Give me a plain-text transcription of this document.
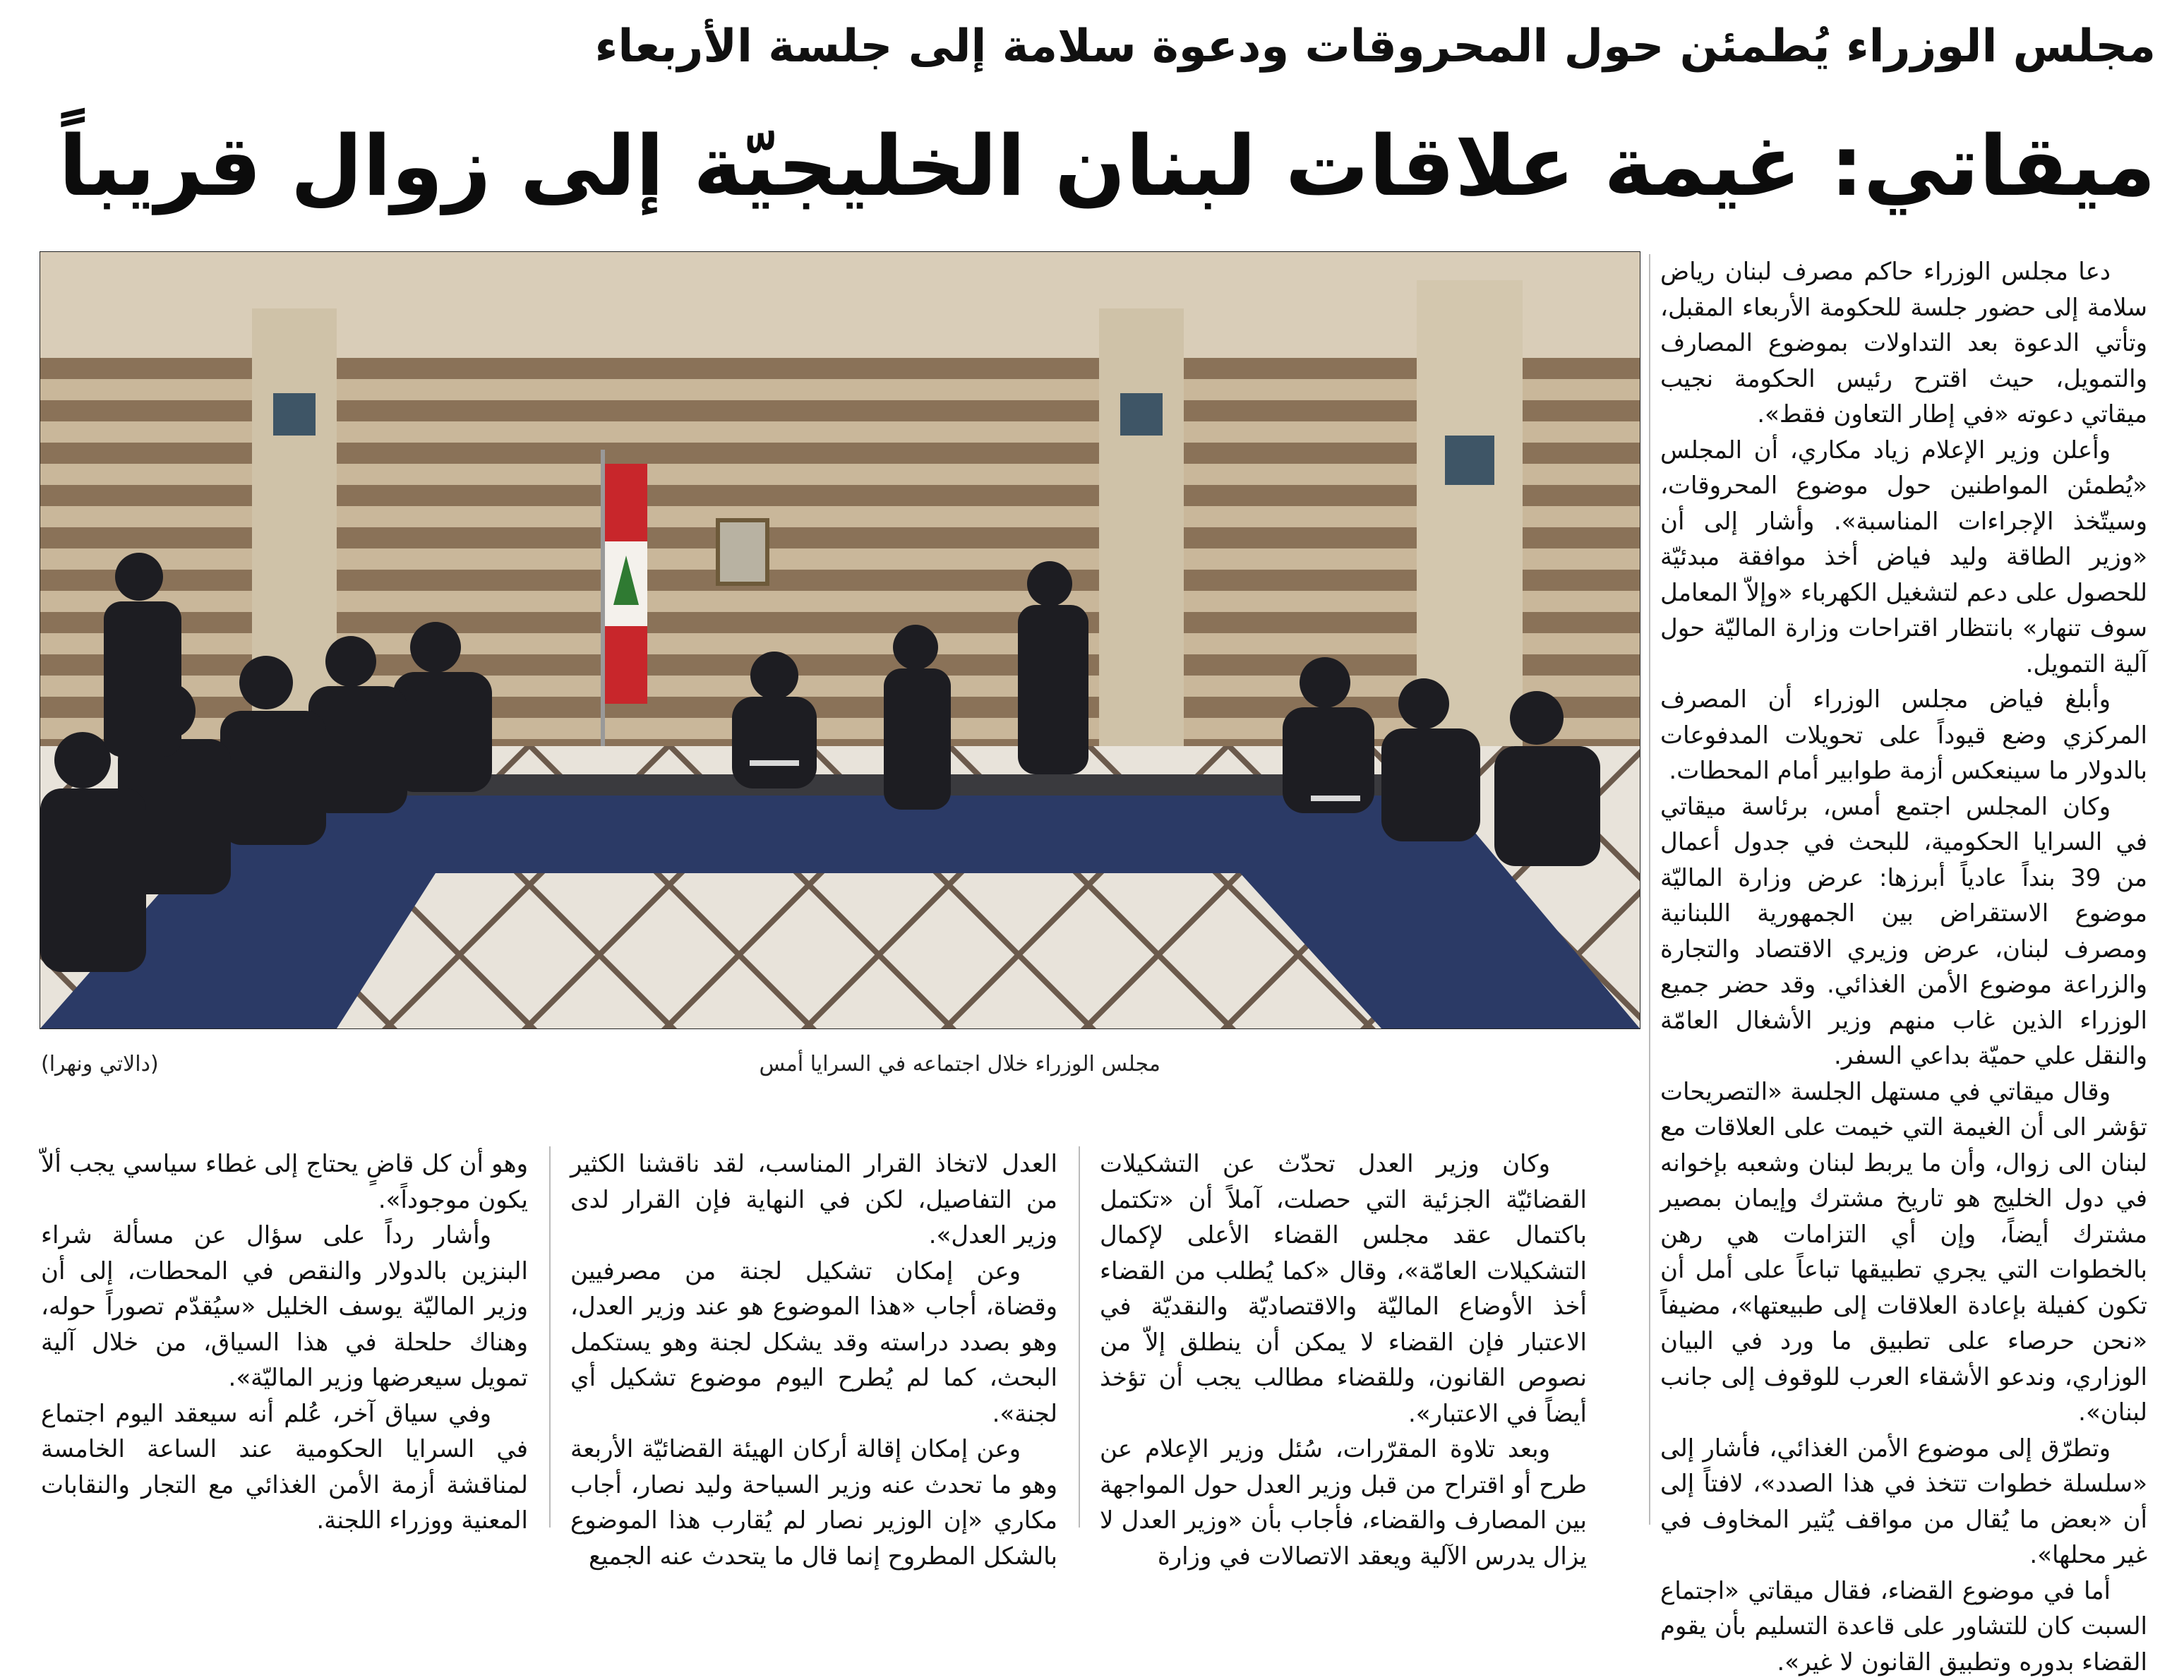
مجلس الوزراء يُطمئن حول المحروقات ودعوة سلامة إلى جلسة الأربعاء
ميقاتي: غيمة علاقات لبنان الخليجيّة إلى زوال قريباً
مجلس الوزراء خلال اجتماعه في السرايا أمس
(دالاتي ونهرا)

دعا مجلس الوزراء حاكم مصرف لبنان رياض سلامة إلى حضور جلسة للحكومة الأربعاء المقبل، وتأتي الدعوة بعد التداولات بموضوع المصارف والتمويل، حيث اقترح رئيس الحكومة نجيب ميقاتي دعوته «في إطار التعاون فقط».

وأعلن وزير الإعلام زياد مكاري، أن المجلس «يُطمئن المواطنين حول موضوع المحروقات، وسيتّخذ الإجراءات المناسبة». وأشار إلى أن «وزير الطاقة وليد فياض أخذ موافقة مبدئيّة للحصول على دعم لتشغيل الكهرباء «وإلاّ المعامل سوف تنهار» بانتظار اقتراحات وزارة الماليّة حول آلية التمويل.

وأبلغ فياض مجلس الوزراء أن المصرف المركزي وضع قيوداً على تحويلات المدفوعات بالدولار ما سينعكس أزمة طوابير أمام المحطات.

وكان المجلس اجتمع أمس، برئاسة ميقاتي في السرايا الحكومية، للبحث في جدول أعمال من 39 بنداً عادياً أبرزها: عرض وزارة الماليّة موضوع الاستقراض بين الجمهورية اللبنانية ومصرف لبنان، عرض وزيري الاقتصاد والتجارة والزراعة موضوع الأمن الغذائي. وقد حضر جميع الوزراء الذين غاب منهم وزير الأشغال العامّة والنقل علي حميّة بداعي السفر.

وقال ميقاتي في مستهل الجلسة «التصريحات تؤشر الى أن الغيمة التي خيمت على العلاقات مع لبنان الى زوال، وأن ما يربط لبنان وشعبه بإخوانه في دول الخليج هو تاريخ مشترك وإيمان بمصير مشترك أيضاً، وإن أي التزامات هي رهن بالخطوات التي يجري تطبيقها تباعاً على أمل أن تكون كفيلة بإعادة العلاقات إلى طبيعتها»، مضيفاً «نحن حرصاء على تطبيق ما ورد في البيان الوزاري، وندعو الأشقاء العرب للوقوف إلى جانب لبنان».

وتطرّق إلى موضوع الأمن الغذائي، فأشار إلى «سلسلة خطوات تتخذ في هذا الصدد»، لافتاً إلى أن «بعض ما يُقال من مواقف يُثير المخاوف في غير محلها».

أما في موضوع القضاء، فقال ميقاتي «اجتماع السبت كان للتشاور على قاعدة التسليم بأن يقوم القضاء بدوره وتطبيق القانون لا غير».

وكان وزير العدل تحدّث عن التشكيلات القضائيّة الجزئية التي حصلت، آملاً أن «تكتمل باكتمال عقد مجلس القضاء الأعلى لإكمال التشكيلات العامّة»، وقال «كما يُطلب من القضاء أخذ الأوضاع الماليّة والاقتصاديّة والنقديّة في الاعتبار فإن القضاء لا يمكن أن ينطلق إلاّ من نصوص القانون، وللقضاء مطالب يجب أن تؤخذ أيضاً في الاعتبار».

وبعد تلاوة المقرّرات، سُئل وزير الإعلام عن طرح أو اقتراح من قبل وزير العدل حول المواجهة بين المصارف والقضاء، فأجاب بأن «وزير العدل لا يزال يدرس الآلية ويعقد الاتصالات في وزارة

العدل لاتخاذ القرار المناسب، لقد ناقشنا الكثير من التفاصيل، لكن في النهاية فإن القرار لدى وزير العدل».

وعن إمكان تشكيل لجنة من مصرفيين وقضاة، أجاب «هذا الموضوع هو عند وزير العدل، وهو بصدد دراسته وقد يشكل لجنة وهو يستكمل البحث، كما لم يُطرح اليوم موضوع تشكيل أي لجنة».

وعن إمكان إقالة أركان الهيئة القضائيّة الأربعة وهو ما تحدث عنه وزير السياحة وليد نصار، أجاب مكاري «إن الوزير نصار لم يُقارب هذا الموضوع بالشكل المطروح إنما قال ما يتحدث عنه الجميع

وهو أن كل قاضٍ يحتاج إلى غطاء سياسي يجب ألاّ يكون موجوداً».

وأشار رداً على سؤال عن مسألة شراء البنزين بالدولار والنقص في المحطات، إلى أن وزير الماليّة يوسف الخليل «سيُقدّم تصوراً حوله، وهناك حلحلة في هذا السياق، من خلال آلية تمويل سيعرضها وزير الماليّة».

وفي سياق آخر، عُلم أنه سيعقد اليوم اجتماع في السرايا الحكومية عند الساعة الخامسة لمناقشة أزمة الأمن الغذائي مع التجار والنقابات المعنية ووزراء اللجنة.
